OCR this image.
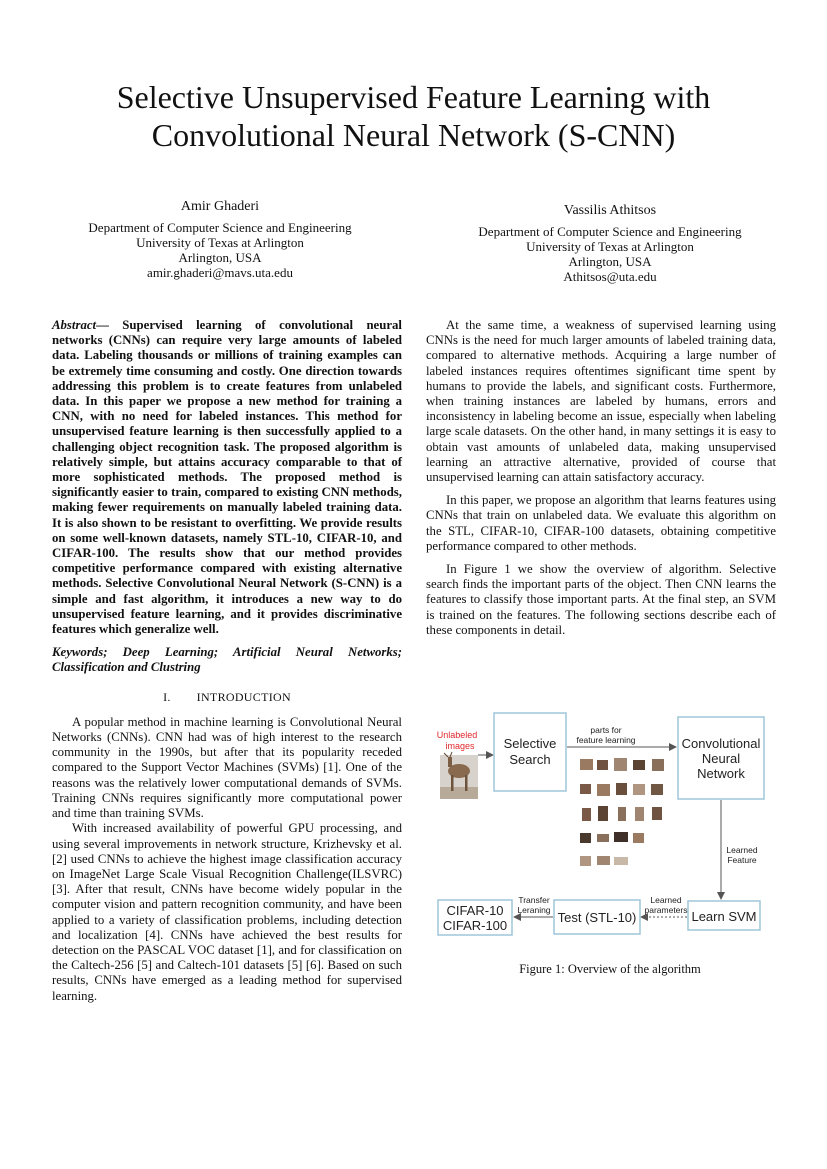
Selective Unsupervised Feature Learning with
Convolutional Neural Network (S-CNN)
Amir Ghaderi
Department of Computer Science and Engineering
University of Texas at Arlington
Arlington, USA
amir.ghaderi@mavs.uta.edu
Vassilis Athitsos
Department of Computer Science and Engineering
University of Texas at Arlington
Arlington, USA
Athitsos@uta.edu

Abstract— Supervised learning of convolutional neural networks (CNNs) can require very large amounts of labeled data. Labeling thousands or millions of training examples can be extremely time consuming and costly. One direction towards addressing this problem is to create features from unlabeled data. In this paper we propose a new method for training a CNN, with no need for labeled instances. This method for unsupervised feature learning is then successfully applied to a challenging object recognition task. The proposed algorithm is relatively simple, but attains accuracy comparable to that of more sophisticated methods. The proposed method is significantly easier to train, compared to existing CNN methods, making fewer requirements on manually labeled training data. It is also shown to be resistant to overfitting. We provide results on some well-known datasets, namely STL-10, CIFAR-10, and CIFAR-100. The results show that our method provides competitive performance compared with existing alternative methods. Selective Convolutional Neural Network (S-CNN) is a simple and fast algorithm, it introduces a new way to do unsupervised feature learning, and it provides discriminative features which generalize well.

Keywords; Deep Learning; Artificial Neural Networks; Classification and Clustring

I. INTRODUCTION

A popular method in machine learning is Convolutional Neural Networks (CNNs). CNN had was of high interest to the research community in the 1990s, but after that its popularity receded compared to the Support Vector Machines (SVMs) [1]. One of the reasons was the relatively lower computational demands of SVMs. Training CNNs requires significantly more computational power and time than training SVMs.

With increased availability of powerful GPU processing, and using several improvements in network structure, Krizhevsky et al. [2] used CNNs to achieve the highest image classification accuracy on ImageNet Large Scale Visual Recognition Challenge(ILSVRC) [3]. After that result, CNNs have become widely popular in the computer vision and pattern recognition community, and have been applied to a variety of classification problems, including detection and localization [4]. CNNs have achieved the best results for detection on the PASCAL VOC dataset [1], and for classification on the Caltech-256 [5] and Caltech-101 datasets [5] [6]. Based on such results, CNNs have emerged as a leading method for supervised learning.

At the same time, a weakness of supervised learning using CNNs is the need for much larger amounts of labeled training data, compared to alternative methods. Acquiring a large number of labeled instances requires oftentimes significant time spent by humans to provide the labels, and significant costs. Furthermore, when training instances are labeled by humans, errors and inconsistency in labeling become an issue, especially when labeling large scale datasets. On the other hand, in many settings it is easy to obtain vast amounts of unlabeled data, making unsupervised learning an attractive alternative, provided of course that unsupervised learning can attain satisfactory accuracy.

In this paper, we propose an algorithm that learns features using CNNs that train on unlabeled data. We evaluate this algorithm on the STL, CIFAR-10, CIFAR-100 datasets, obtaining competitive performance compared to other methods.

In Figure 1 we show the overview of algorithm. Selective search finds the important parts of the object. Then CNN learns the features to classify those important parts. At the final step, an SVM is trained on the features. The following sections describe each of these components in detail.

Unlabeled
images Selective
Search
parts for
feature learning	Convolutional
Neural
Network
Learned
Feature
Learn SVM
Learned
parameters
Test (STL-10)
Transfer
Leraning
CIFAR-10
CIFAR-100
Figure 1: Overview of the algorithm
